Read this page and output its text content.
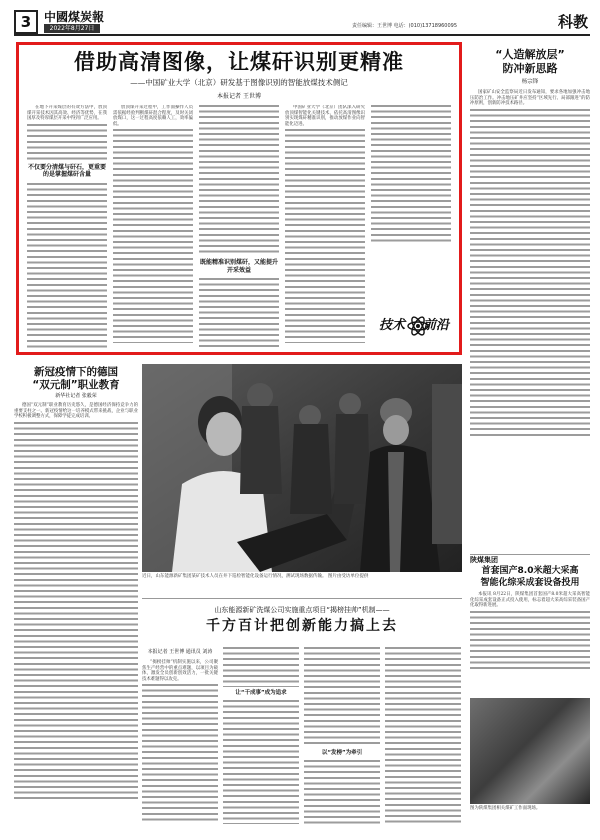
3	中國煤炭報
2022年8月27日	责任编辑：王世博 电话：(010)13718960095	科教
借助高清图像，让煤矸识别更精准
——中国矿业大学（北京）研发基于图像识别的智能放煤技术侧记
本报记者 王世博

在地下开采煤层的有效方法中，放顶煤开采技术因其高效、经济等优势，在我国厚及特厚煤层开采中得到广泛应用。

不仅要分清煤与矸石，更重要的是掌握煤矸含量

放顶煤开采过程中，工作面操作人员需依据经验判断煤矸混合程度，及时关闭放煤口，这一过程高度依赖人工，效率偏低。

既能精准识别煤矸，又能提升开采效益

中国矿业大学（北京）团队深入研究放顶煤智能化关键技术，依托高清图像识别实现煤矸精准识别，推动放煤作业向智能化迈进。

技术 前沿
“人造解放层”
防冲新思路
杨宗锋

国家矿山安全监察局近日发布通知，要求各地加强冲击地压防治工作。冲击地压矿井应坚持“区域先行、局部跟进”的防冲原则，创新防冲技术路径。

陕煤集团
首套国产8.0米超大采高
智能化综采成套设备投用

本报讯 8月22日，陕煤集团首套国产8.0米超大采高智能化综采成套设备正式投入使用，标志着超大采高综采装备国产化取得新进展。

图为陕煤集团相关煤矿工作面现场。

新冠疫情下的德国
“双元制”职业教育
新华社记者 张毅荣

德国“双元制”职业教育历史悠久，是德国经济保持竞争力的重要支柱之一。新冠疫情给这一培养模式带来挑战，企业与职业学校积极调整方式，保障学徒完成培训。

近日，山东能源新矿集团某矿技术人员在井下巡检智能化设备运行情况，测试现场数据传输。 图片由受访单位提供

山东能源新矿洗煤公司实施重点项目“揭榜挂帅”机制——
千方百计把创新能力搞上去

本报记者 王世博 通讯员 刘涛

“揭榜挂帅”机制实施以来，公司聚焦生产经营中的重点难题，以项目为载体，激发全员创新创效活力，一批关键技术难题得以攻克。

让“干成事”成为追求
以“发榜”为牵引
